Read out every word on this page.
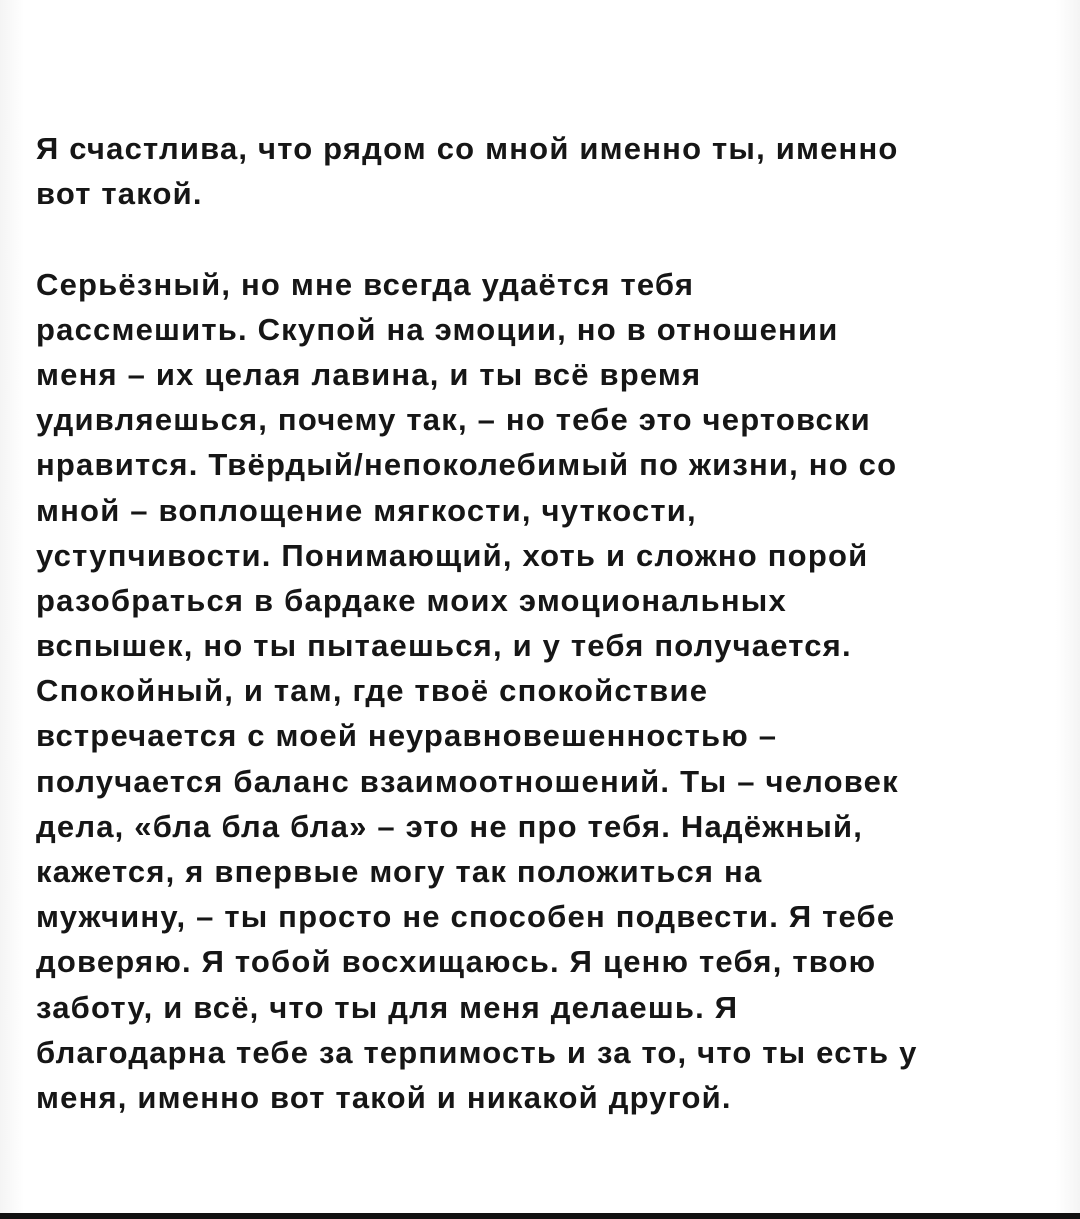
Я счастлива, что рядом со мной именно ты, именно
вот такой.
Серьёзный, но мне всегда удаётся тебя
рассмешить. Скупой на эмоции, но в отношении
меня – их целая лавина, и ты всё время
удивляешься, почему так, – но тебе это чертовски
нравится. Твёрдый/непоколебимый по жизни, но со
мной – воплощение мягкости, чуткости,
уступчивости. Понимающий, хоть и сложно порой
разобраться в бардаке моих эмоциональных
вспышек, но ты пытаешься, и у тебя получается.
Спокойный, и там, где твоё спокойствие
встречается с моей неуравновешенностью –
получается баланс взаимоотношений. Ты – человек
дела, «бла бла бла» – это не про тебя. Надёжный,
кажется, я впервые могу так положиться на
мужчину, – ты просто не способен подвести. Я тебе
доверяю. Я тобой восхищаюсь. Я ценю тебя, твою
заботу, и всё, что ты для меня делаешь. Я
благодарна тебе за терпимость и за то, что ты есть у
меня, именно вот такой и никакой другой.
